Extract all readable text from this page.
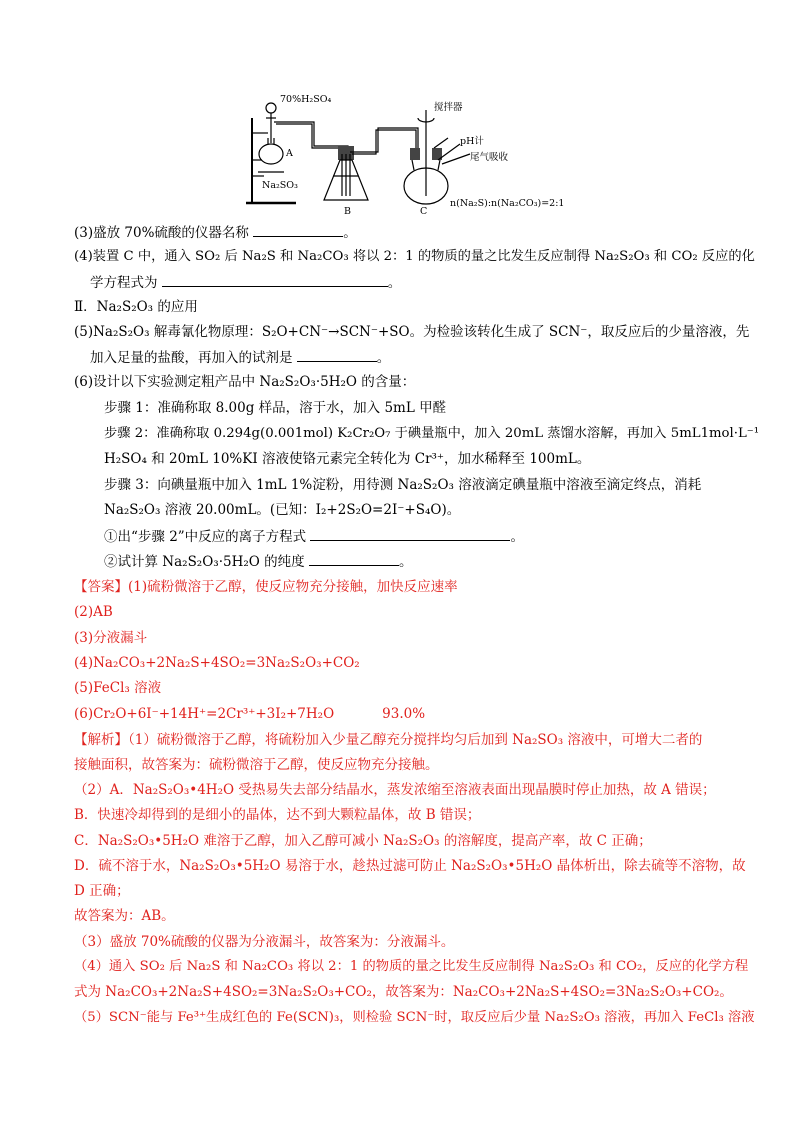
70%H₂SO₄
A
Na₂SO₃
B	C
搅拌器
pH计
尾气吸收
n(Na₂S):n(Na₂CO₃)=2:1
(3)盛放 70%硫酸的仪器名称	。
(4)装置 C 中，通入 SO₂ 后 Na₂S 和 Na₂CO₃ 将以 2：1 的物质的量之比发生反应制得 Na₂S₂O₃ 和 CO₂ 反应的化
学方程式为	。
Ⅱ．Na₂S₂O₃ 的应用
(5)Na₂S₂O₃ 解毒氰化物原理：S₂O+CN⁻→SCN⁻+SO。为检验该转化生成了 SCN⁻，取反应后的少量溶液，先
加入足量的盐酸，再加入的试剂是	。
(6)设计以下实验测定粗产品中 Na₂S₂O₃·5H₂O 的含量：
步骤 1：准确称取 8.00g 样品，溶于水，加入 5mL 甲醛
步骤 2：准确称取 0.294g(0.001mol) K₂Cr₂O₇ 于碘量瓶中，加入 20mL 蒸馏水溶解，再加入 5mL1mol·L⁻¹
H₂SO₄ 和 20mL 10%KI 溶液使铬元素完全转化为 Cr³⁺，加水稀释至 100mL。
步骤 3：向碘量瓶中加入 1mL 1%淀粉，用待测 Na₂S₂O₃ 溶液滴定碘量瓶中溶液至滴定终点，消耗
Na₂S₂O₃ 溶液 20.00mL。(已知：I₂+2S₂O=2I⁻+S₄O)。
①出“步骤 2”中反应的离子方程式	。
②试计算 Na₂S₂O₃·5H₂O 的纯度	。
【答案】(1)硫粉微溶于乙醇，使反应物充分接触，加快反应速率
(2)AB
(3)分液漏斗
(4)Na₂CO₃+2Na₂S+4SO₂=3Na₂S₂O₃+CO₂
(5)FeCl₃ 溶液
(6)Cr₂O+6I⁻+14H⁺=2Cr³⁺+3I₂+7H₂O	93.0%
【解析】（1）硫粉微溶于乙醇，将硫粉加入少量乙醇充分搅拌均匀后加到 Na₂SO₃ 溶液中，可增大二者的
接触面积，故答案为：硫粉微溶于乙醇，使反应物充分接触。
（2）A．Na₂S₂O₃•4H₂O 受热易失去部分结晶水，蒸发浓缩至溶液表面出现晶膜时停止加热，故 A 错误；
B．快速冷却得到的是细小的晶体，达不到大颗粒晶体，故 B 错误；
C．Na₂S₂O₃•5H₂O 难溶于乙醇，加入乙醇可减小 Na₂S₂O₃ 的溶解度，提高产率，故 C 正确；
D．硫不溶于水，Na₂S₂O₃•5H₂O 易溶于水，趁热过滤可防止 Na₂S₂O₃•5H₂O 晶体析出，除去硫等不溶物，故
D 正确；
故答案为：AB。
（3）盛放 70%硫酸的仪器为分液漏斗，故答案为：分液漏斗。
（4）通入 SO₂ 后 Na₂S 和 Na₂CO₃ 将以 2：1 的物质的量之比发生反应制得 Na₂S₂O₃ 和 CO₂，反应的化学方程
式为 Na₂CO₃+2Na₂S+4SO₂=3Na₂S₂O₃+CO₂，故答案为：Na₂CO₃+2Na₂S+4SO₂=3Na₂S₂O₃+CO₂。
（5）SCN⁻能与 Fe³⁺生成红色的 Fe(SCN)₃，则检验 SCN⁻时，取反应后少量 Na₂S₂O₃ 溶液，再加入 FeCl₃ 溶液
